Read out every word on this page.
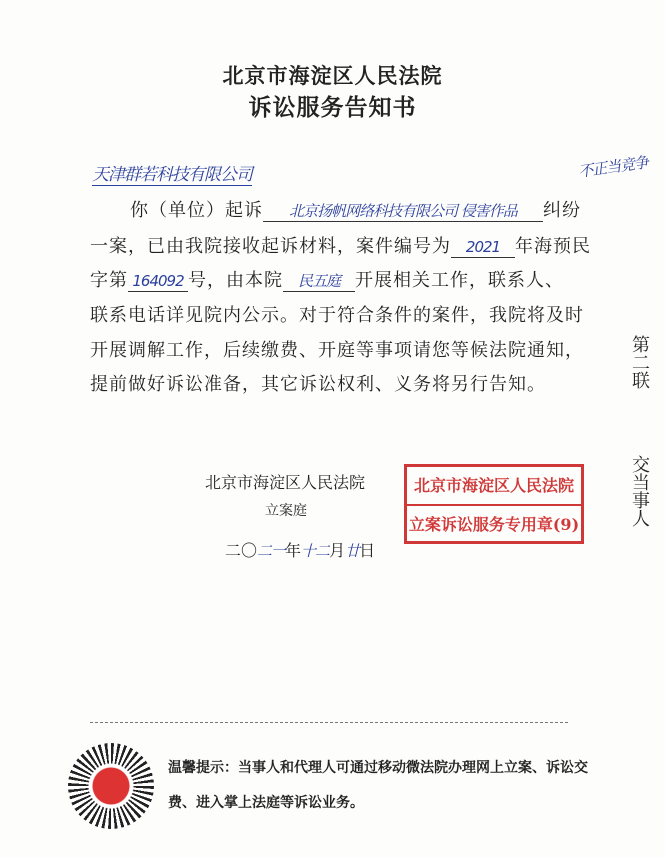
北京市海淀区人民法院
诉讼服务告知书
天津群若科技有限公司	不正当竞争
你（单位）起诉 北京扬帆网络科技有限公司 侵害作品 纠纷
一案，已由我院接收起诉材料，案件编号为 2021 年海预民
字第 164092 号，由本院 民五庭 开展相关工作，联系人、
联系电话详见院内公示。对于符合条件的案件，我院将及时
开展调解工作，后续缴费、开庭等事项请您等候法院通知，
提前做好诉讼准备，其它诉讼权利、义务将另行告知。	第二联
交当事人
北京市海淀区人民法院
立案庭
二〇二一年十二月廿日
北京市海淀区人民法院
立案诉讼服务专用章(9)
温馨提示：当事人和代理人可通过移动微法院办理网上立案、诉讼交
费、进入掌上法庭等诉讼业务。
